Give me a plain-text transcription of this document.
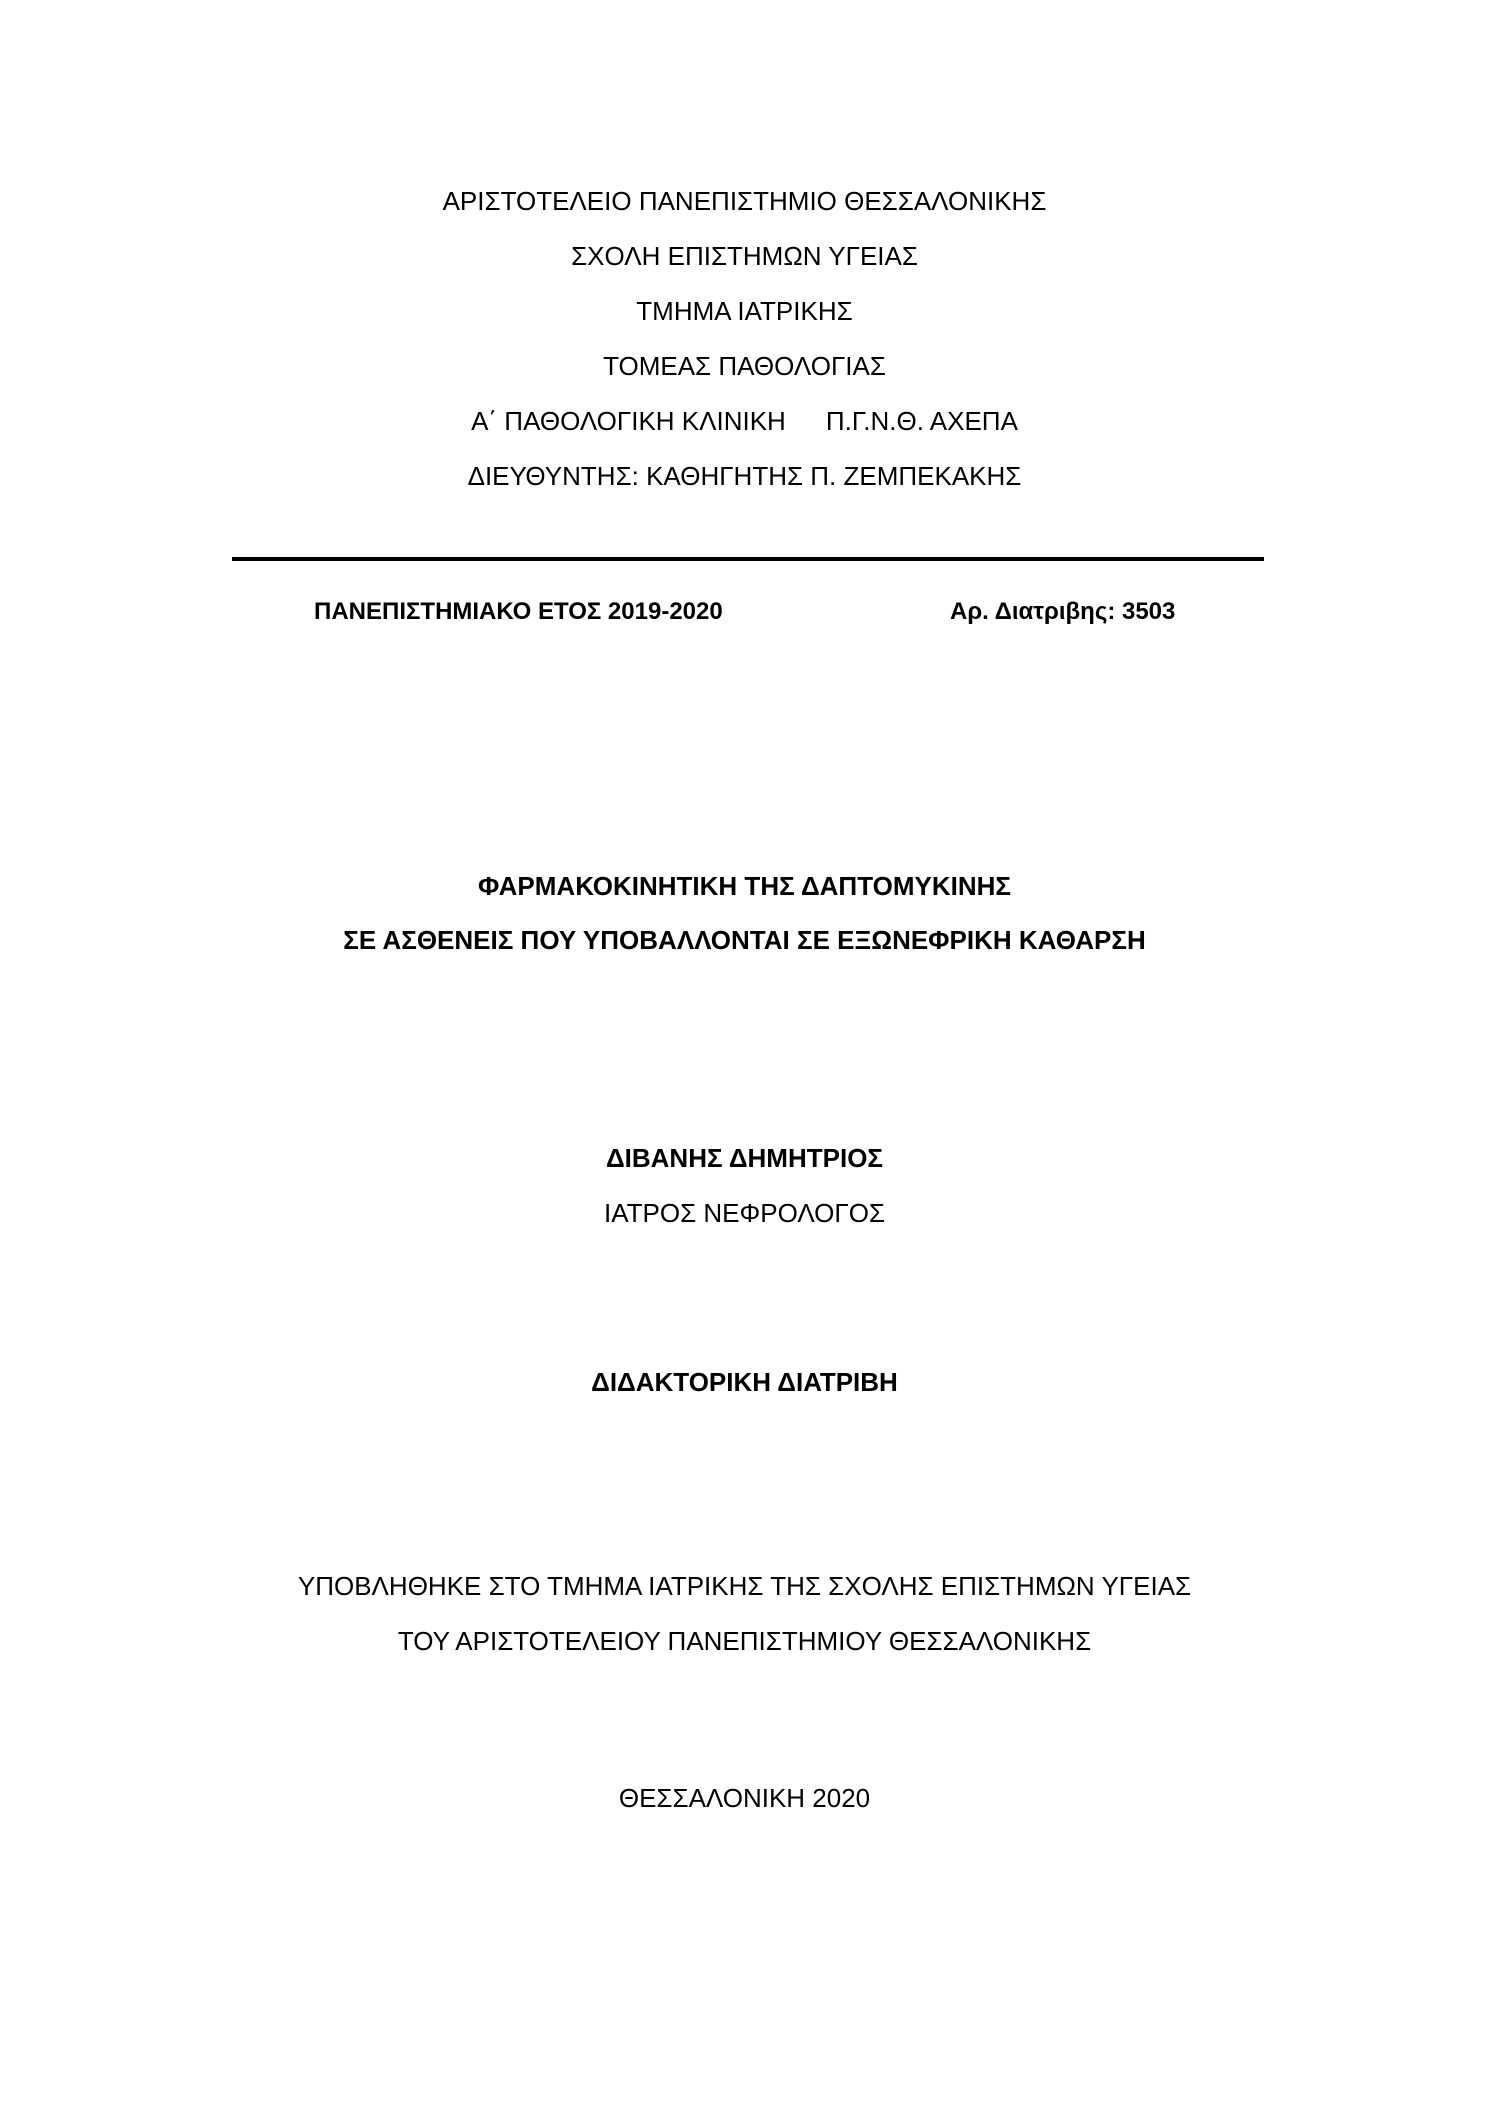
ΑΡΙΣΤΟΤΕΛΕΙΟ ΠΑΝΕΠΙΣΤΗΜΙΟ ΘΕΣΣΑΛΟΝΙΚΗΣ
ΣΧΟΛΗ ΕΠΙΣΤΗΜΩΝ ΥΓΕΙΑΣ
ΤΜΗΜΑ ΙΑΤΡΙΚΗΣ
ΤΟΜΕΑΣ ΠΑΘΟΛΟΓΙΑΣ
Α΄ ΠΑΘΟΛΟΓΙΚΗ ΚΛΙΝΙΚΗ Π.Γ.Ν.Θ. ΑΧΕΠΑ
ΔΙΕΥΘΥΝΤΗΣ: ΚΑΘΗΓΗΤΗΣ Π. ΖΕΜΠΕΚΑΚΗΣ
ΠΑΝΕΠΙΣΤΗΜΙΑΚΟ ΕΤΟΣ 2019-2020	Αρ. Διατριβης: 3503
ΦΑΡΜΑΚΟΚΙΝΗΤΙΚΗ ΤΗΣ ΔΑΠΤΟΜΥΚΙΝΗΣ
ΣΕ ΑΣΘΕΝΕΙΣ ΠΟΥ ΥΠΟΒΑΛΛΟΝΤΑΙ ΣΕ ΕΞΩΝΕΦΡΙΚΗ ΚΑΘΑΡΣΗ
ΔΙΒΑΝΗΣ ΔΗΜΗΤΡΙΟΣ
ΙΑΤΡΟΣ ΝΕΦΡΟΛΟΓΟΣ
ΔΙΔΑΚΤΟΡΙΚΗ ΔΙΑΤΡΙΒΗ
ΥΠΟΒΛΗΘΗΚΕ ΣΤΟ ΤΜΗΜΑ ΙΑΤΡΙΚΗΣ ΤΗΣ ΣΧΟΛΗΣ ΕΠΙΣΤΗΜΩΝ ΥΓΕΙΑΣ
ΤΟΥ ΑΡΙΣΤΟΤΕΛΕΙΟΥ ΠΑΝΕΠΙΣΤΗΜΙΟΥ ΘΕΣΣΑΛΟΝΙΚΗΣ
ΘΕΣΣΑΛΟΝΙΚΗ 2020
